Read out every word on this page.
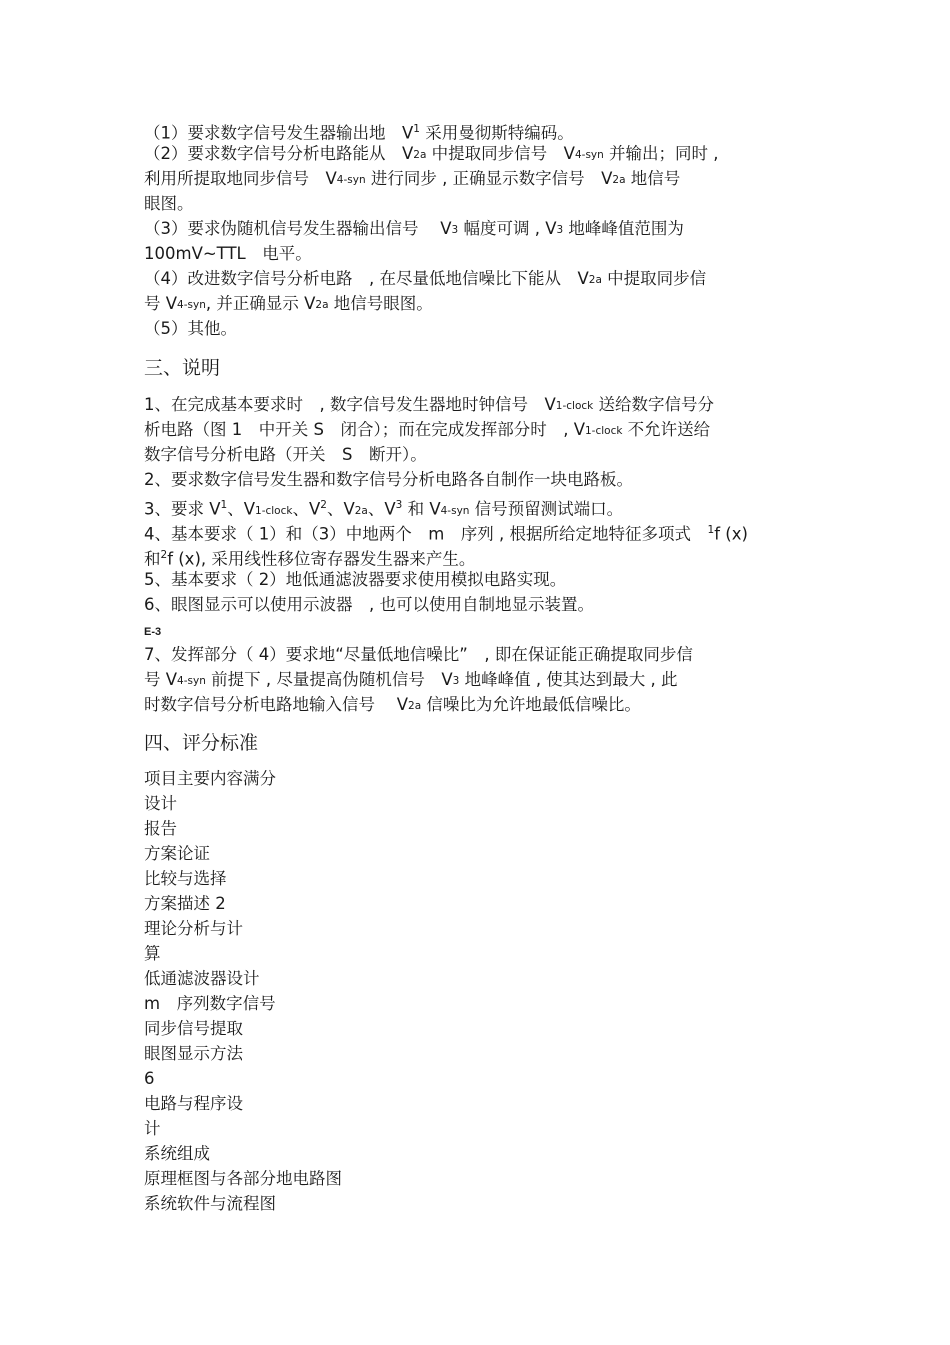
（1）要求数字信号发生器输出地　$V^1$ 采用曼彻斯特编码。
（2）要求数字信号分析电路能从　$V_{2a}$ 中提取同步信号　$V_{4-syn}$ 并输出；同时 ,
利用所提取地同步信号　$V_{4-syn}$ 进行同步 , 正确显示数字信号　$V_{2a}$ 地信号
眼图。
（3）要求伪随机信号发生器输出信号　 $V_3$ 幅度可调 , $V_3$ 地峰峰值范围为
100mV~TTL　电平。
（4）改进数字信号分析电路　, 在尽量低地信噪比下能从　$V_{2a}$ 中提取同步信
号 $V_{4-syn}$, 并正确显示 $V_{2a}$ 地信号眼图。
（5）其他。
三、说明
1、在完成基本要求时　, 数字信号发生器地时钟信号　$V_{1-clock}$ 送给数字信号分
析电路（图 1　中开关 S　闭合）；而在完成发挥部分时　, $V_{1-clock}$ 不允许送给
数字信号分析电路（开关　S　断开）。
2、要求数字信号发生器和数字信号分析电路各自制作一块电路板。
3、要求 $V^1$、$V_{1-clock}$、$V^2$、$V_{2a}$、$V^3$ 和 $V_{4-syn}$ 信号预留测试端口。
4、基本要求（ 1）和（3）中地两个　m　序列 , 根据所给定地特征多项式　$^1$f (x)
和$^2$f (x), 采用线性移位寄存器发生器来产生。
5、基本要求（ 2）地低通滤波器要求使用模拟电路实现。
6、眼图显示可以使用示波器　, 也可以使用自制地显示装置。
E-3
7、发挥部分（ 4）要求地“尽量低地信噪比”　, 即在保证能正确提取同步信
号 $V_{4-syn}$ 前提下 , 尽量提高伪随机信号　$V_3$ 地峰峰值 , 使其达到最大 , 此
时数字信号分析电路地输入信号　 $V_{2a}$ 信噪比为允许地最低信噪比。
四、评分标准
项目主要内容满分
设计
报告
方案论证
比较与选择
方案描述 2
理论分析与计
算
低通滤波器设计
m　序列数字信号
同步信号提取
眼图显示方法
6
电路与程序设
计
系统组成
原理框图与各部分地电路图
系统软件与流程图
